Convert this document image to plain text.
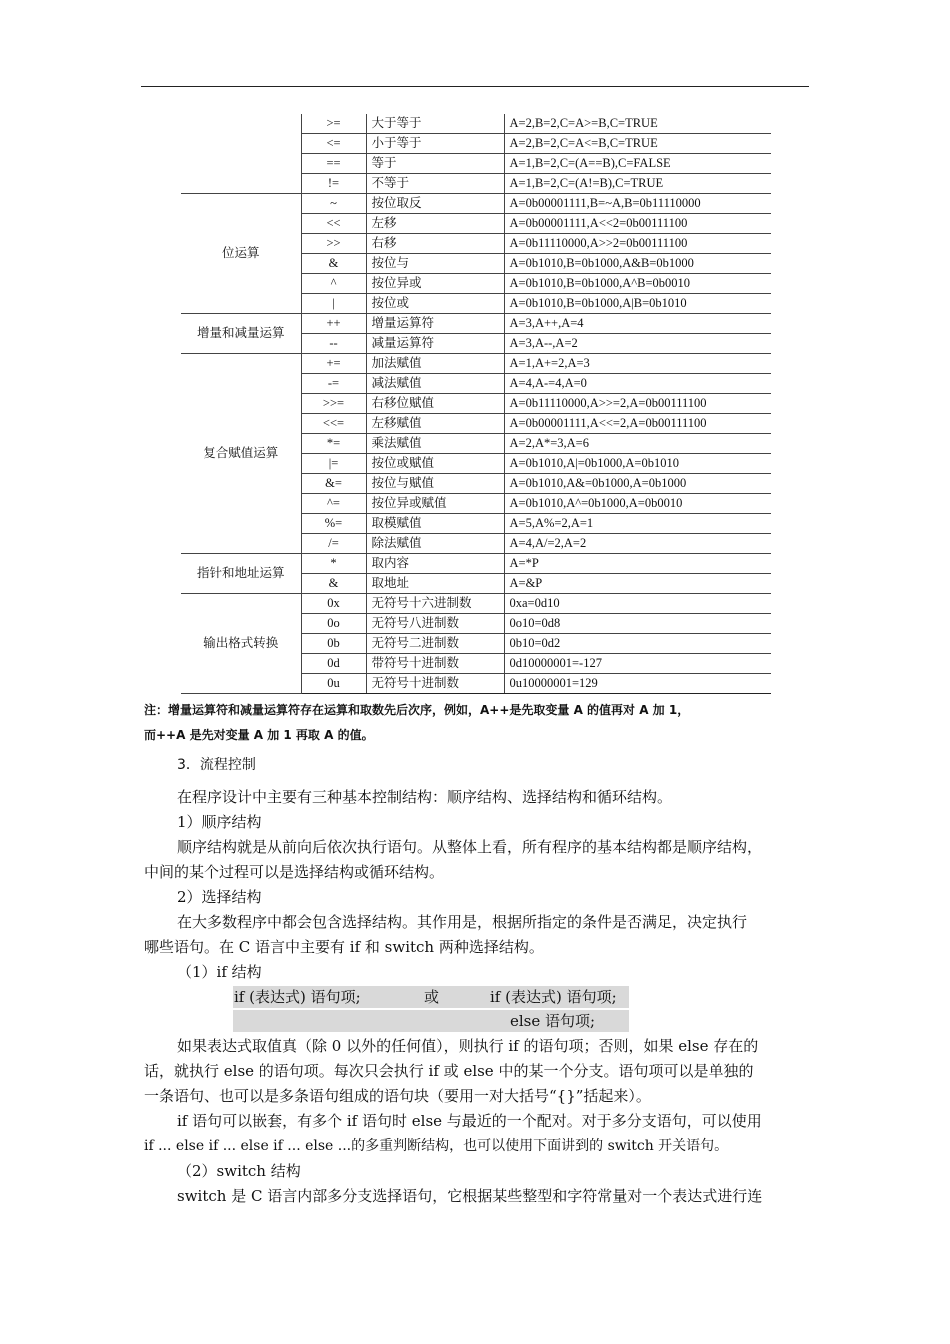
	>=	大于等于	A=2,B=2,C=A>=B,C=TRUE
	<=	小于等于	A=2,B=2,C=A<=B,C=TRUE
	==	等于	A=1,B=2,C=(A==B),C=FALSE
	!=	不等于	A=1,B=2,C=(A!=B),C=TRUE
位运算	~	按位取反	A=0b00001111,B=~A,B=0b11110000
	<<	左移	A=0b00001111,A<<2=0b00111100
	>>	右移	A=0b11110000,A>>2=0b00111100
	&	按位与	A=0b1010,B=0b1000,A&B=0b1000
	^	按位异或	A=0b1010,B=0b1000,A^B=0b0010
	|	按位或	A=0b1010,B=0b1000,A|B=0b1010
增量和减量运算	++	增量运算符	A=3,A++,A=4
	--	减量运算符	A=3,A--,A=2
复合赋值运算	+=	加法赋值	A=1,A+=2,A=3
	-=	减法赋值	A=4,A-=4,A=0
	>>=	右移位赋值	A=0b11110000,A>>=2,A=0b00111100
	<<=	左移赋值	A=0b00001111,A<<=2,A=0b00111100
	*=	乘法赋值	A=2,A*=3,A=6
	|=	按位或赋值	A=0b1010,A|=0b1000,A=0b1010
	&=	按位与赋值	A=0b1010,A&=0b1000,A=0b1000
	^=	按位异或赋值	A=0b1010,A^=0b1000,A=0b0010
	%=	取模赋值	A=5,A%=2,A=1
	/=	除法赋值	A=4,A/=2,A=2
指针和地址运算	*	取内容	A=*P
	&	取地址	A=&P
输出格式转换	0x	无符号十六进制数	0xa=0d10
	0o	无符号八进制数	0o10=0d8
	0b	无符号二进制数	0b10=0d2
	0d	带符号十进制数	0d10000001=-127
	0u	无符号十进制数	0u10000001=129
注：增量运算符和减量运算符存在运算和取数先后次序，例如，A++是先取变量 A 的值再对 A 加 1，
而++A 是先对变量 A 加 1 再取 A 的值。
3．流程控制
在程序设计中主要有三种基本控制结构：顺序结构、选择结构和循环结构。
1）顺序结构
顺序结构就是从前向后依次执行语句。从整体上看，所有程序的基本结构都是顺序结构，
中间的某个过程可以是选择结构或循环结构。
2）选择结构
在大多数程序中都会包含选择结构。其作用是，根据所指定的条件是否满足，决定执行
哪些语句。在 C 语言中主要有 if 和 switch 两种选择结构。
（1）if 结构
if (表达式) 语句项;	或	if (表达式) 语句项;
else 语句项;
如果表达式取值真（除 0 以外的任何值），则执行 if 的语句项；否则，如果 else 存在的
话，就执行 else 的语句项。每次只会执行 if 或 else 中的某一个分支。语句项可以是单独的
一条语句、也可以是多条语句组成的语句块（要用一对大括号“{}”括起来）。
if 语句可以嵌套，有多个 if 语句时 else 与最近的一个配对。对于多分支语句，可以使用
if ... else if ... else if ... else ...的多重判断结构，也可以使用下面讲到的 switch 开关语句。
（2）switch 结构
switch 是 C 语言内部多分支选择语句，它根据某些整型和字符常量对一个表达式进行连
